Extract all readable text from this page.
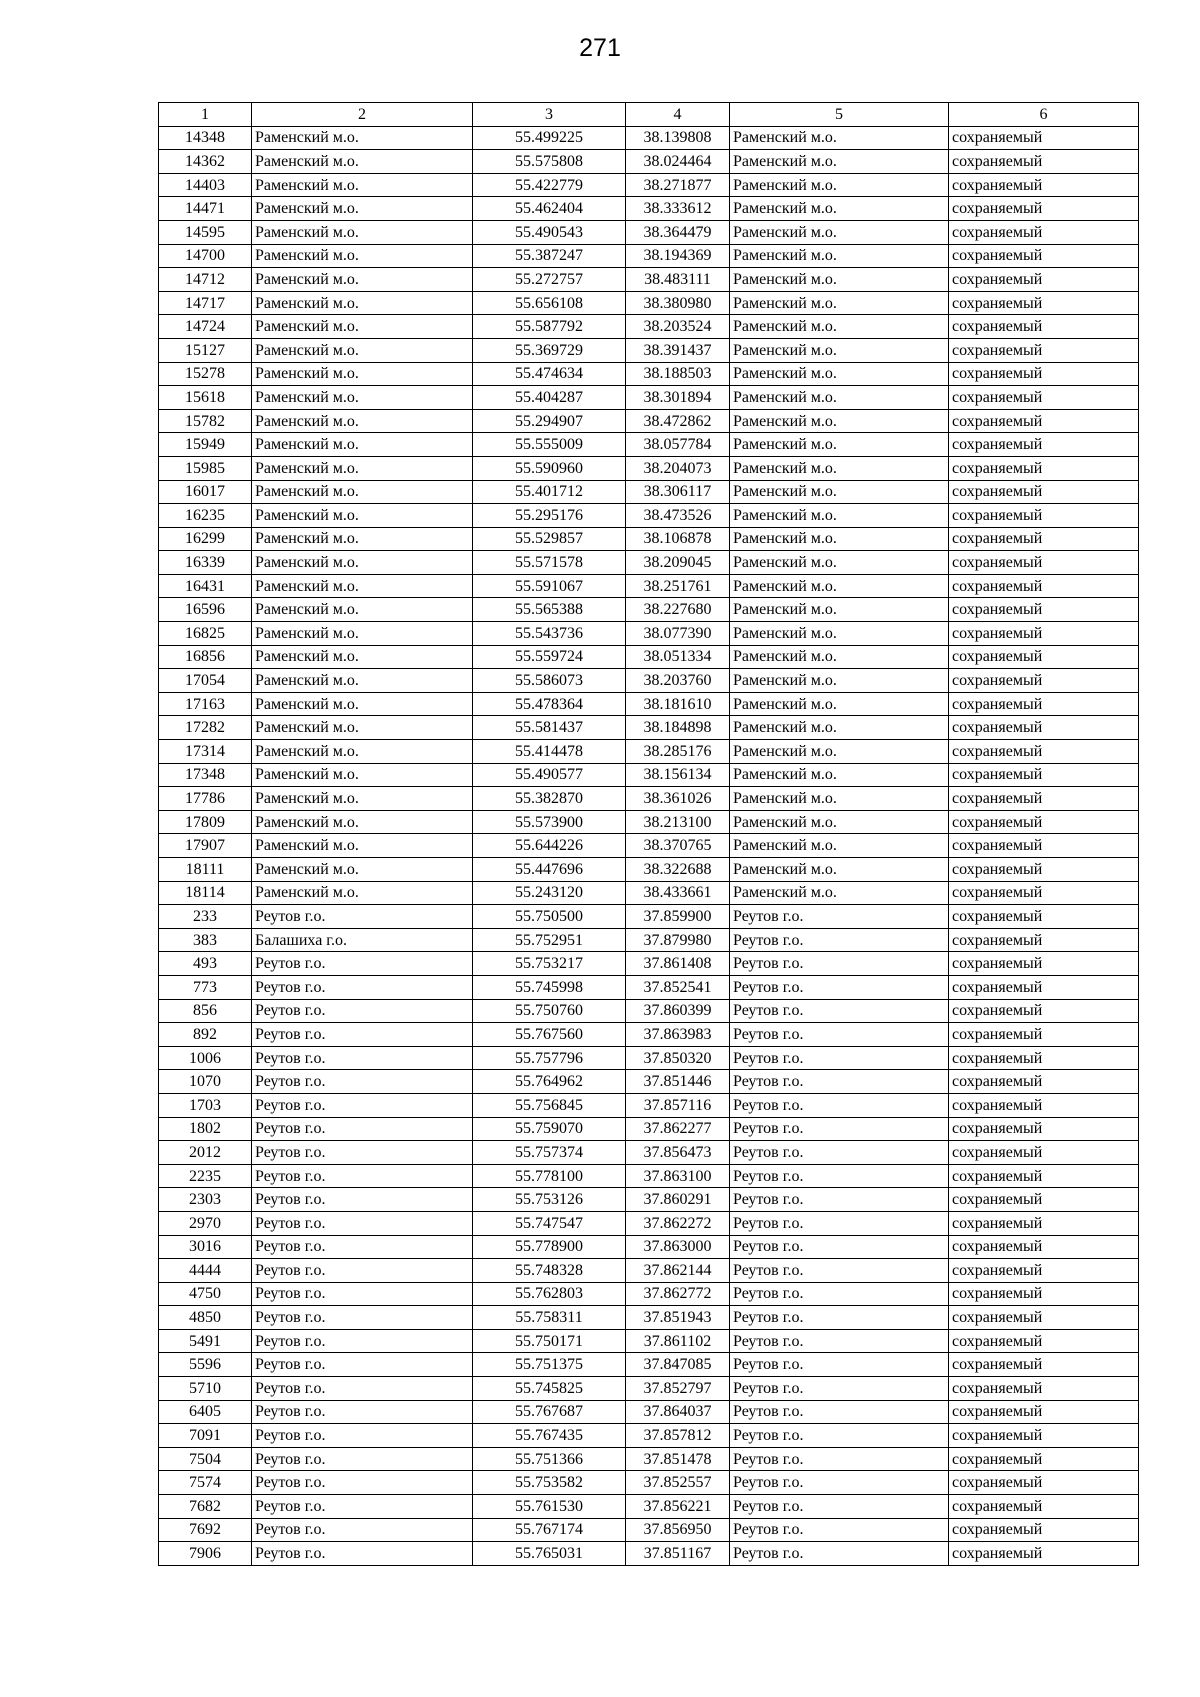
271
1	2	3	4	5	6
14348	Раменский м.о.	55.499225	38.139808	Раменский м.о.	сохраняемый
14362	Раменский м.о.	55.575808	38.024464	Раменский м.о.	сохраняемый
14403	Раменский м.о.	55.422779	38.271877	Раменский м.о.	сохраняемый
14471	Раменский м.о.	55.462404	38.333612	Раменский м.о.	сохраняемый
14595	Раменский м.о.	55.490543	38.364479	Раменский м.о.	сохраняемый
14700	Раменский м.о.	55.387247	38.194369	Раменский м.о.	сохраняемый
14712	Раменский м.о.	55.272757	38.483111	Раменский м.о.	сохраняемый
14717	Раменский м.о.	55.656108	38.380980	Раменский м.о.	сохраняемый
14724	Раменский м.о.	55.587792	38.203524	Раменский м.о.	сохраняемый
15127	Раменский м.о.	55.369729	38.391437	Раменский м.о.	сохраняемый
15278	Раменский м.о.	55.474634	38.188503	Раменский м.о.	сохраняемый
15618	Раменский м.о.	55.404287	38.301894	Раменский м.о.	сохраняемый
15782	Раменский м.о.	55.294907	38.472862	Раменский м.о.	сохраняемый
15949	Раменский м.о.	55.555009	38.057784	Раменский м.о.	сохраняемый
15985	Раменский м.о.	55.590960	38.204073	Раменский м.о.	сохраняемый
16017	Раменский м.о.	55.401712	38.306117	Раменский м.о.	сохраняемый
16235	Раменский м.о.	55.295176	38.473526	Раменский м.о.	сохраняемый
16299	Раменский м.о.	55.529857	38.106878	Раменский м.о.	сохраняемый
16339	Раменский м.о.	55.571578	38.209045	Раменский м.о.	сохраняемый
16431	Раменский м.о.	55.591067	38.251761	Раменский м.о.	сохраняемый
16596	Раменский м.о.	55.565388	38.227680	Раменский м.о.	сохраняемый
16825	Раменский м.о.	55.543736	38.077390	Раменский м.о.	сохраняемый
16856	Раменский м.о.	55.559724	38.051334	Раменский м.о.	сохраняемый
17054	Раменский м.о.	55.586073	38.203760	Раменский м.о.	сохраняемый
17163	Раменский м.о.	55.478364	38.181610	Раменский м.о.	сохраняемый
17282	Раменский м.о.	55.581437	38.184898	Раменский м.о.	сохраняемый
17314	Раменский м.о.	55.414478	38.285176	Раменский м.о.	сохраняемый
17348	Раменский м.о.	55.490577	38.156134	Раменский м.о.	сохраняемый
17786	Раменский м.о.	55.382870	38.361026	Раменский м.о.	сохраняемый
17809	Раменский м.о.	55.573900	38.213100	Раменский м.о.	сохраняемый
17907	Раменский м.о.	55.644226	38.370765	Раменский м.о.	сохраняемый
18111	Раменский м.о.	55.447696	38.322688	Раменский м.о.	сохраняемый
18114	Раменский м.о.	55.243120	38.433661	Раменский м.о.	сохраняемый
233	Реутов г.о.	55.750500	37.859900	Реутов г.о.	сохраняемый
383	Балашиха г.о.	55.752951	37.879980	Реутов г.о.	сохраняемый
493	Реутов г.о.	55.753217	37.861408	Реутов г.о.	сохраняемый
773	Реутов г.о.	55.745998	37.852541	Реутов г.о.	сохраняемый
856	Реутов г.о.	55.750760	37.860399	Реутов г.о.	сохраняемый
892	Реутов г.о.	55.767560	37.863983	Реутов г.о.	сохраняемый
1006	Реутов г.о.	55.757796	37.850320	Реутов г.о.	сохраняемый
1070	Реутов г.о.	55.764962	37.851446	Реутов г.о.	сохраняемый
1703	Реутов г.о.	55.756845	37.857116	Реутов г.о.	сохраняемый
1802	Реутов г.о.	55.759070	37.862277	Реутов г.о.	сохраняемый
2012	Реутов г.о.	55.757374	37.856473	Реутов г.о.	сохраняемый
2235	Реутов г.о.	55.778100	37.863100	Реутов г.о.	сохраняемый
2303	Реутов г.о.	55.753126	37.860291	Реутов г.о.	сохраняемый
2970	Реутов г.о.	55.747547	37.862272	Реутов г.о.	сохраняемый
3016	Реутов г.о.	55.778900	37.863000	Реутов г.о.	сохраняемый
4444	Реутов г.о.	55.748328	37.862144	Реутов г.о.	сохраняемый
4750	Реутов г.о.	55.762803	37.862772	Реутов г.о.	сохраняемый
4850	Реутов г.о.	55.758311	37.851943	Реутов г.о.	сохраняемый
5491	Реутов г.о.	55.750171	37.861102	Реутов г.о.	сохраняемый
5596	Реутов г.о.	55.751375	37.847085	Реутов г.о.	сохраняемый
5710	Реутов г.о.	55.745825	37.852797	Реутов г.о.	сохраняемый
6405	Реутов г.о.	55.767687	37.864037	Реутов г.о.	сохраняемый
7091	Реутов г.о.	55.767435	37.857812	Реутов г.о.	сохраняемый
7504	Реутов г.о.	55.751366	37.851478	Реутов г.о.	сохраняемый
7574	Реутов г.о.	55.753582	37.852557	Реутов г.о.	сохраняемый
7682	Реутов г.о.	55.761530	37.856221	Реутов г.о.	сохраняемый
7692	Реутов г.о.	55.767174	37.856950	Реутов г.о.	сохраняемый
7906	Реутов г.о.	55.765031	37.851167	Реутов г.о.	сохраняемый
